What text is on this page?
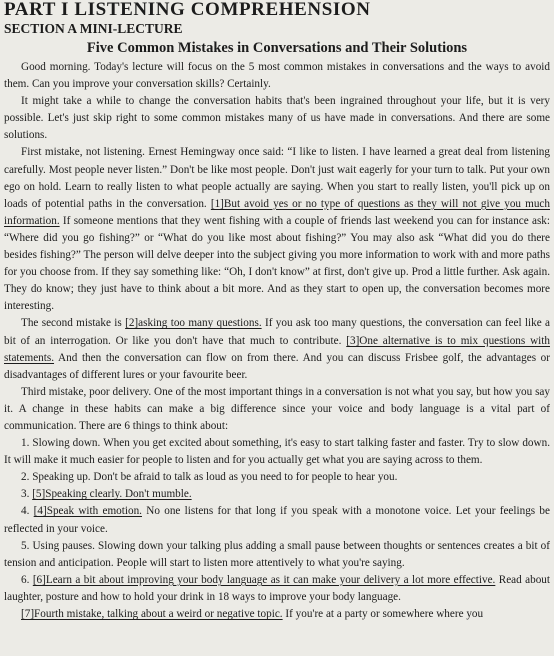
PART I LISTENING COMPREHENSION
SECTION A MINI-LECTURE
Five Common Mistakes in Conversations and Their Solutions

Good morning. Today's lecture will focus on the 5 most common mistakes in conversations and the ways to avoid them. Can you improve your conversation skills? Certainly.

It might take a while to change the conversation habits that's been ingrained throughout your life, but it is very possible. Let's just skip right to some common mistakes many of us have made in conversations. And there are some solutions.

First mistake, not listening. Ernest Hemingway once said: “I like to listen. I have learned a great deal from listening carefully. Most people never listen.” Don't be like most people. Don't just wait eagerly for your turn to talk. Put your own ego on hold. Learn to really listen to what people actually are saying. When you start to really listen, you'll pick up on loads of potential paths in the conversation. [1]But avoid yes or no type of questions as they will not give you much information. If someone mentions that they went fishing with a couple of friends last weekend you can for instance ask: “Where did you go fishing?” or “What do you like most about fishing?” You may also ask “What did you do there besides fishing?” The person will delve deeper into the subject giving you more information to work with and more paths for you choose from. If they say something like: “Oh, I don't know” at first, don't give up. Prod a little further. Ask again. They do know; they just have to think about a bit more. And as they start to open up, the conversation becomes more interesting.

The second mistake is [2]asking too many questions. If you ask too many questions, the conversation can feel like a bit of an interrogation. Or like you don't have that much to contribute. [3]One alternative is to mix questions with statements. And then the conversation can flow on from there. And you can discuss Frisbee golf, the advantages or disadvantages of different lures or your favourite beer.

Third mistake, poor delivery. One of the most important things in a conversation is not what you say, but how you say it. A change in these habits can make a big difference since your voice and body language is a vital part of communication. There are 6 things to think about:

1. Slowing down. When you get excited about something, it's easy to start talking faster and faster. Try to slow down. It will make it much easier for people to listen and for you actually get what you are saying across to them.

2. Speaking up. Don't be afraid to talk as loud as you need to for people to hear you.

3. [5]Speaking clearly. Don't mumble.

4. [4]Speak with emotion. No one listens for that long if you speak with a monotone voice. Let your feelings be reflected in your voice.

5. Using pauses. Slowing down your talking plus adding a small pause between thoughts or sentences creates a bit of tension and anticipation. People will start to listen more attentively to what you're saying.

6. [6]Learn a bit about improving your body language as it can make your delivery a lot more effective. Read about laughter, posture and how to hold your drink in 18 ways to improve your body language.

[7]Fourth mistake, talking about a weird or negative topic. If you're at a party or somewhere where you
